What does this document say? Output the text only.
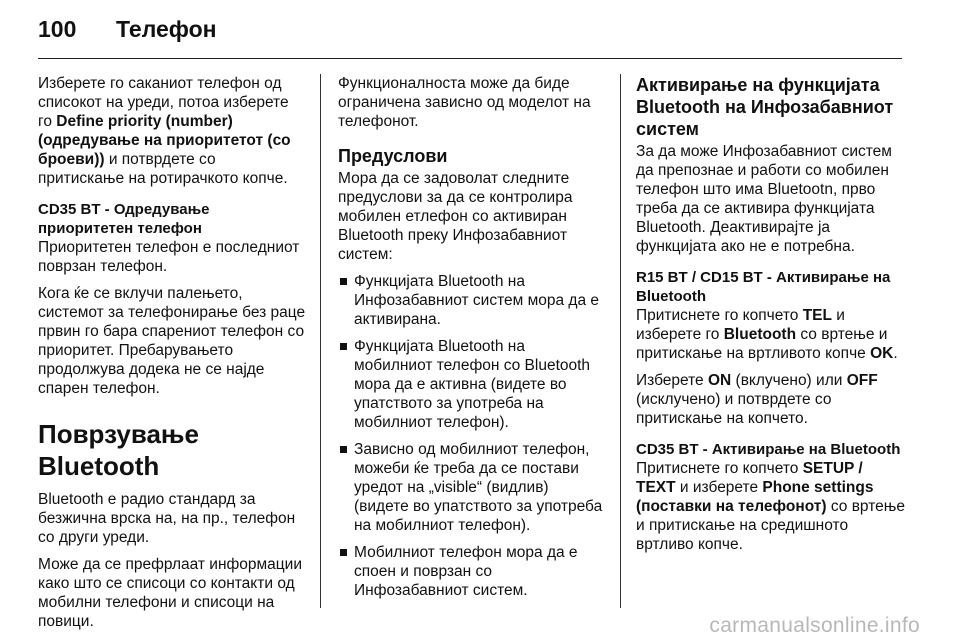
100 Телефон

Изберете го саканиот телефон од списокот на уреди, потоа изберете го Define priority (number) (одредување на приоритетот (со броеви)) и потврдете со притискање на ротирачкото копче.

CD35 BT - Одредување приоритетен телефон

Приоритетен телефон е последниот поврзан телефон.

Кога ќе се вклучи палењето, системот за телефонирање без раце првин го бара спарениот телефон со приоритет. Пребарувањето продолжува додека не се најде спарен телефон.

Поврзување Bluetooth

Bluetooth е радио стандард за безжична врска на, на пр., телефон со други уреди.

Може да се префрлаат информации како што се списоци со контакти од мобилни телефони и списоци на повици.

Функционалноста може да биде ограничена зависно од моделот на телефонот.

Предуслови

Мора да се задоволат следните предуслови за да се контролира мобилен етлефон со активиран Bluetooth преку Инфозабавниот систем:

Функцијата Bluetooth на Инфозабавниот систем мора да е активирана.
Функцијата Bluetooth на мобилниот телефон со Bluetooth мора да е активна (видете во упатството за употреба на мобилниот телефон).
Зависно од мобилниот телефон, можеби ќе треба да се постави уредот на „visible“ (видлив) (видете во упатството за употреба на мобилниот телефон).
Мобилниот телефон мора да е споен и поврзан со Инфозабавниот систем.
Активирање на функцијата Bluetooth на Инфозабавниот систем

За да може Инфозабавниот систем да препознае и работи со мобилен телефон што има Bluetootn, прво треба да се активира функцијата Bluetooth. Деактивирајте ја функцијата ако не е потребна.

R15 BT / CD15 BT - Активирање на Bluetooth

Притиснете го копчето TEL и изберете го Bluetooth со вртење и притискање на вртливото копче OK.

Изберете ON (вклучено) или OFF (исклучено) и потврдете со притискање на копчето.

CD35 BT - Активирање на Bluetooth

Притиснете го копчето SETUP / TEXT и изберете Phone settings (поставки на телефонот) со вртење и притискање на средишното вртливо копче.

carmanualsonline.info
